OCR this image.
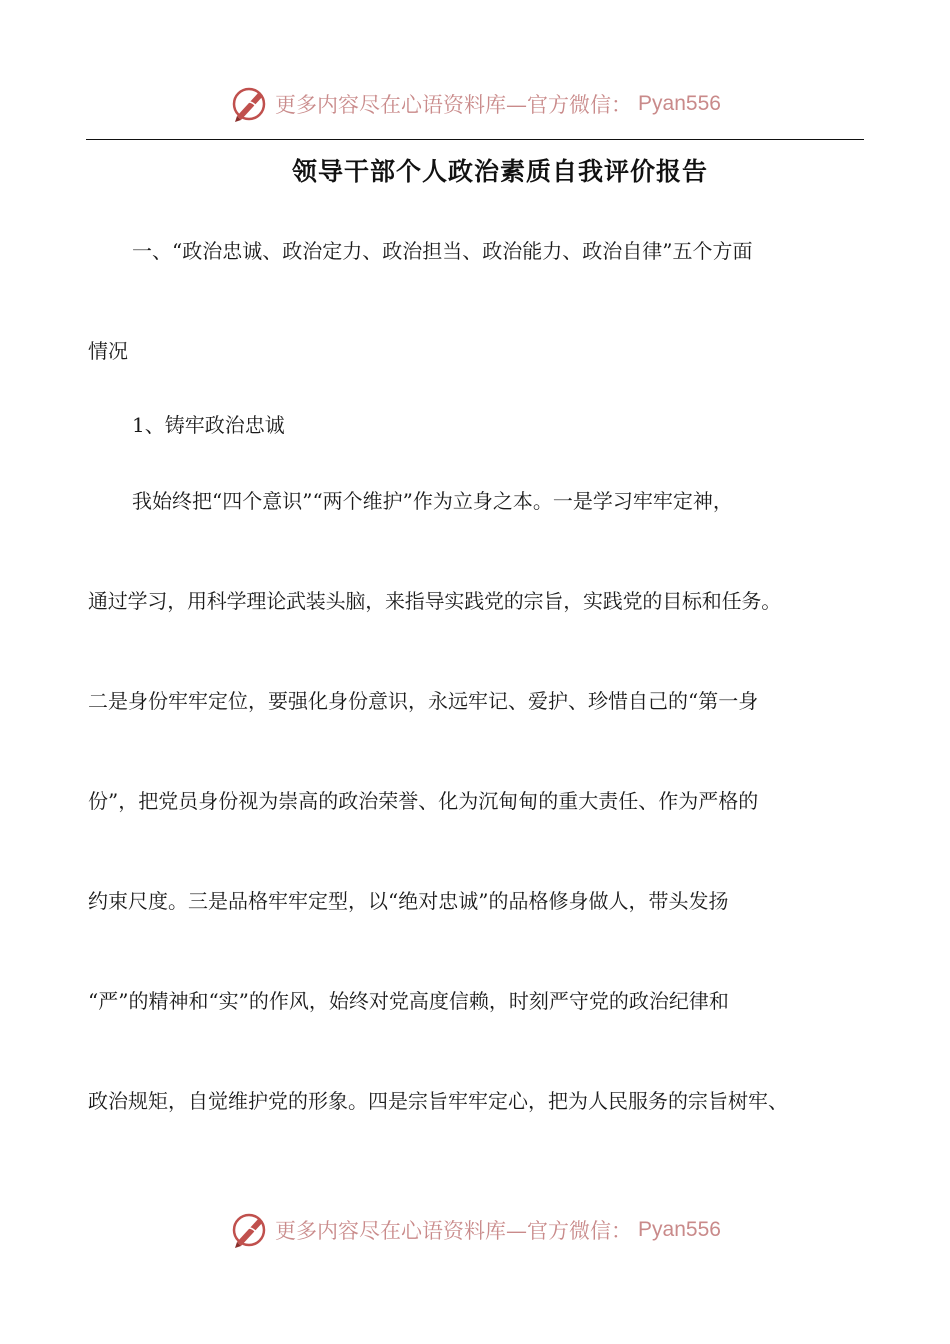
更多内容尽在心语资料库—官方微信： Pyan556
领导干部个人政治素质自我评价报告
一、“政治忠诚、政治定力、政治担当、政治能力、政治自律”五个方面
情况
1、铸牢政治忠诚
我始终把“四个意识”“两个维护”作为立身之本。一是学习牢牢定神，
通过学习，用科学理论武装头脑，来指导实践党的宗旨，实践党的目标和任务。
二是身份牢牢定位，要强化身份意识，永远牢记、爱护、珍惜自己的“第一身
份”，把党员身份视为崇高的政治荣誉、化为沉甸甸的重大责任、作为严格的
约束尺度。三是品格牢牢定型，以“绝对忠诚”的品格修身做人，带头发扬
“严”的精神和“实”的作风，始终对党高度信赖，时刻严守党的政治纪律和
政治规矩，自觉维护党的形象。四是宗旨牢牢定心，把为人民服务的宗旨树牢、
更多内容尽在心语资料库—官方微信： Pyan556
